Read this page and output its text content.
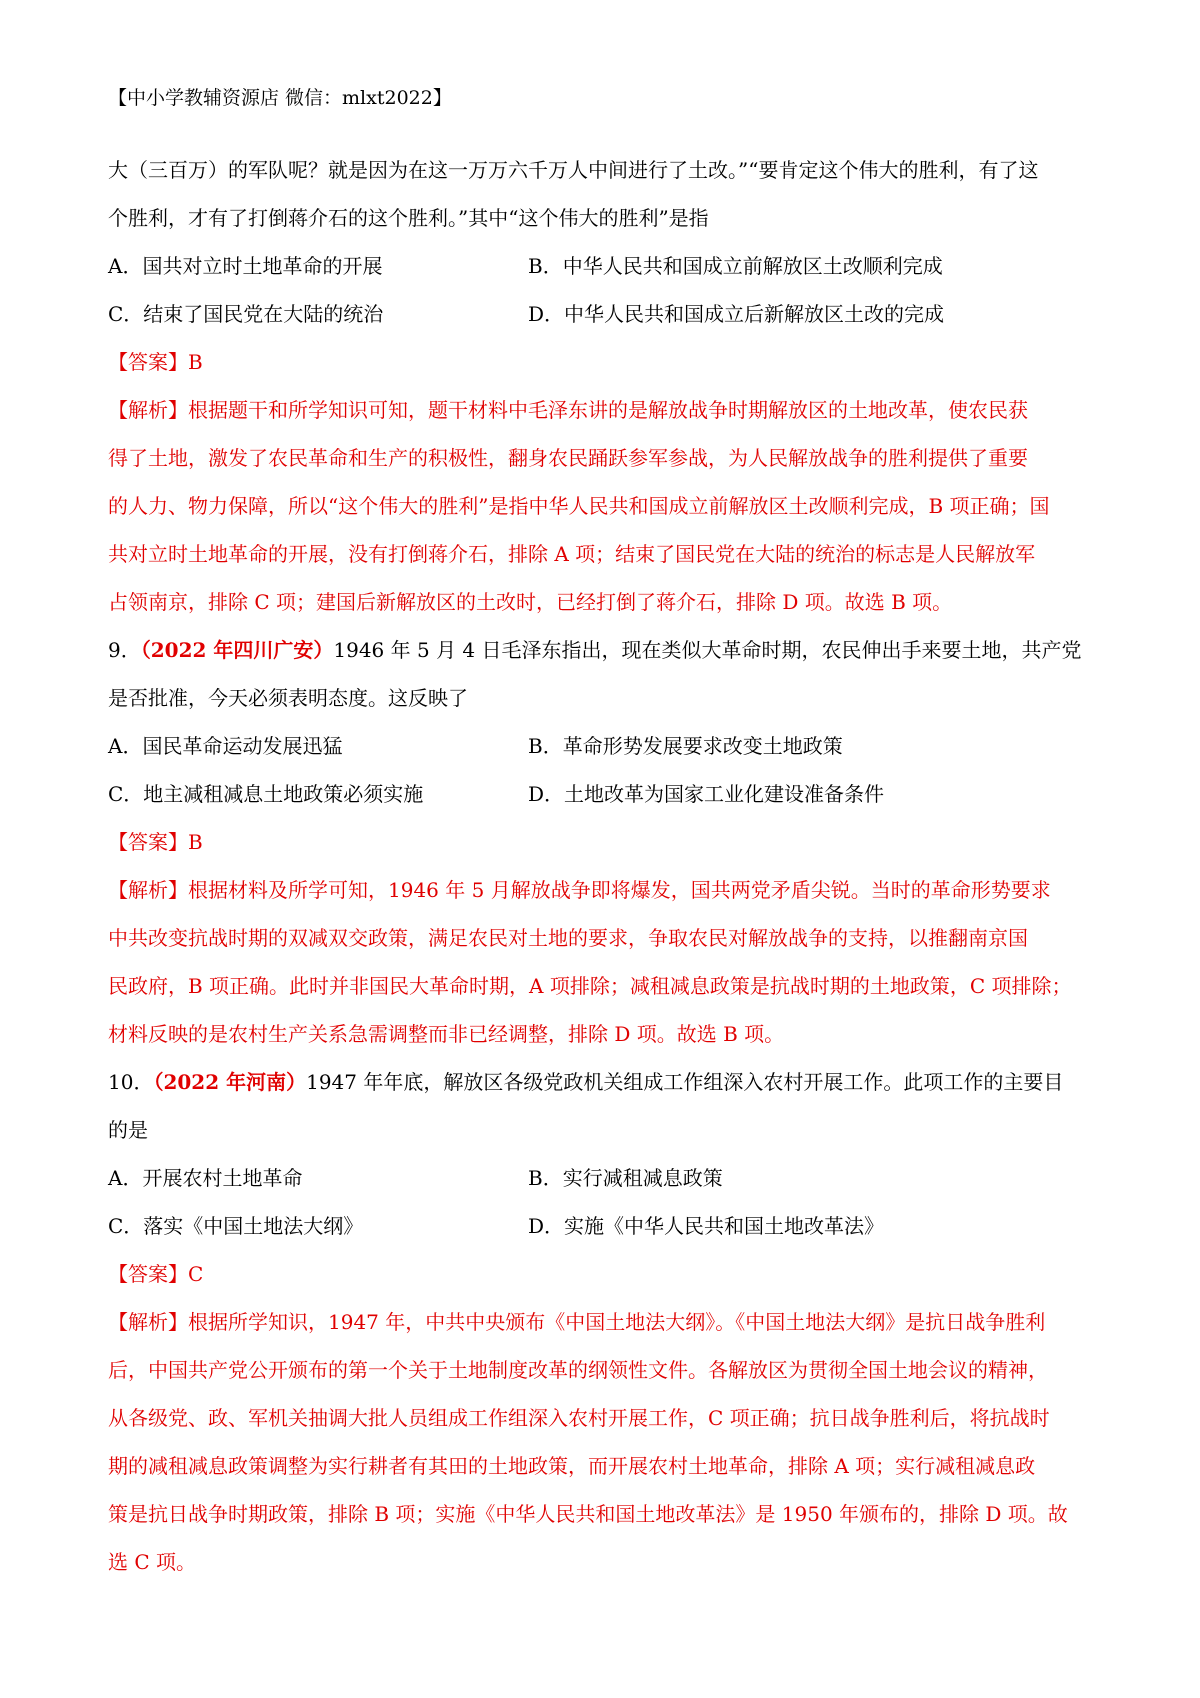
【中小学教辅资源店 微信：mlxt2022】
大（三百万）的军队呢？就是因为在这一万万六千万人中间进行了土改。”“要肯定这个伟大的胜利，有了这
个胜利，才有了打倒蒋介石的这个胜利。”其中“这个伟大的胜利”是指
A．国共对立时土地革命的开展	B．中华人民共和国成立前解放区土改顺利完成
C．结束了国民党在大陆的统治	D．中华人民共和国成立后新解放区土改的完成
【答案】B
【解析】根据题干和所学知识可知，题干材料中毛泽东讲的是解放战争时期解放区的土地改革，使农民获
得了土地，激发了农民革命和生产的积极性，翻身农民踊跃参军参战，为人民解放战争的胜利提供了重要
的人力、物力保障，所以“这个伟大的胜利”是指中华人民共和国成立前解放区土改顺利完成，B 项正确；国
共对立时土地革命的开展，没有打倒蒋介石，排除 A 项；结束了国民党在大陆的统治的标志是人民解放军
占领南京，排除 C 项；建国后新解放区的土改时，已经打倒了蒋介石，排除 D 项。故选 B 项。
9．（2022 年四川广安）1946 年 5 月 4 日毛泽东指出，现在类似大革命时期，农民伸出手来要土地，共产党
是否批准，今天必须表明态度。这反映了
A．国民革命运动发展迅猛	B．革命形势发展要求改变土地政策
C．地主减租减息土地政策必须实施	D．土地改革为国家工业化建设准备条件
【答案】B
【解析】根据材料及所学可知，1946 年 5 月解放战争即将爆发，国共两党矛盾尖锐。当时的革命形势要求
中共改变抗战时期的双减双交政策，满足农民对土地的要求，争取农民对解放战争的支持，以推翻南京国
民政府，B 项正确。此时并非国民大革命时期，A 项排除；减租减息政策是抗战时期的土地政策，C 项排除；
材料反映的是农村生产关系急需调整而非已经调整，排除 D 项。故选 B 项。
10．（2022 年河南）1947 年年底，解放区各级党政机关组成工作组深入农村开展工作。此项工作的主要目
的是
A．开展农村土地革命	B．实行减租减息政策
C．落实《中国土地法大纲》	D．实施《中华人民共和国土地改革法》
【答案】C
【解析】根据所学知识，1947 年，中共中央颁布《中国土地法大纲》。《中国土地法大纲》是抗日战争胜利
后，中国共产党公开颁布的第一个关于土地制度改革的纲领性文件。各解放区为贯彻全国土地会议的精神，
从各级党、政、军机关抽调大批人员组成工作组深入农村开展工作，C 项正确；抗日战争胜利后，将抗战时
期的减租减息政策调整为实行耕者有其田的土地政策，而开展农村土地革命，排除 A 项；实行减租减息政
策是抗日战争时期政策，排除 B 项；实施《中华人民共和国土地改革法》是 1950 年颁布的，排除 D 项。故
选 C 项。
